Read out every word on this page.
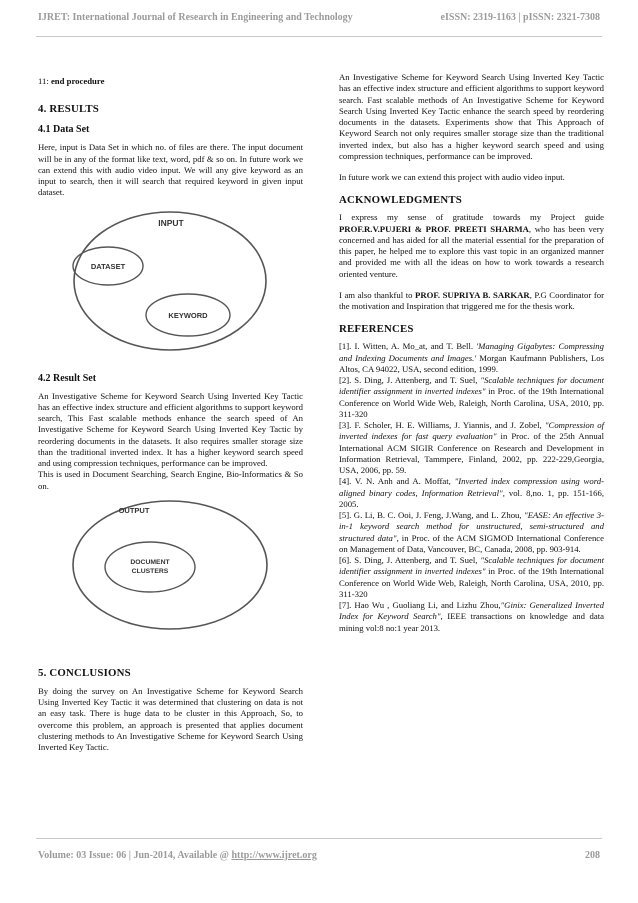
IJRET: International Journal of Research in Engineering and Technology	eISSN: 2319-1163 | pISSN: 2321-7308

11: end procedure

4. RESULTS
4.1 Data Set

Here, input is Data Set in which no. of files are there. The input document will be in any of the format like text, word, pdf & so on. In future work we can extend this with audio video input. We will any give keyword as an input to search, then it will search that required keyword in given input dataset.

INPUT
DATASET
KEYWORD
4.2 Result Set

An Investigative Scheme for Keyword Search Using Inverted Key Tactic has an effective index structure and efficient algorithms to support keyword search, This Fast scalable methods enhance the search speed of An Investigative Scheme for Keyword Search Using Inverted Key Tactic by reordering documents in the datasets. It also requires smaller storage size than the traditional inverted index. It has a higher keyword search speed and using compression techniques, performance can be improved.

This is used in Document Searching, Search Engine, Bio-Informatics & So on.

OUTPUT
DOCUMENT
CLUSTERS
5. CONCLUSIONS

By doing the survey on An Investigative Scheme for Keyword Search Using Inverted Key Tactic it was determined that clustering on data is not an easy task. There is huge data to be cluster in this Approach, So, to overcome this problem, an approach is presented that applies document clustering methods to An Investigative Scheme for Keyword Search Using Inverted Key Tactic.

An Investigative Scheme for Keyword Search Using Inverted Key Tactic has an effective index structure and efficient algorithms to support keyword search. Fast scalable methods of An Investigative Scheme for Keyword Search Using Inverted Key Tactic enhance the search speed by reordering documents in the datasets. Experiments show that This Approach of Keyword Search not only requires smaller storage size than the traditional inverted index, but also has a higher keyword search speed and using compression techniques, performance can be improved.

In future work we can extend this project with audio video input.

ACKNOWLEDGMENTS

I express my sense of gratitude towards my Project guide PROF.R.V.PUJERI & PROF. PREETI SHARMA, who has been very concerned and has aided for all the material essential for the preparation of this paper, he helped me to explore this vast topic in an organized manner and provided me with all the ideas on how to work towards a research oriented venture.

I am also thankful to PROF. SUPRIYA B. SARKAR, P.G Coordinator for the motivation and Inspiration that triggered me for the thesis work.

REFERENCES

[1]. I. Witten, A. Mo_at, and T. Bell. 'Managing Gigabytes: Compressing and Indexing Documents and Images.' Morgan Kaufmann Publishers, Los Altos, CA 94022, USA, second edition, 1999.

[2]. S. Ding, J. Attenberg, and T. Suel, "Scalable techniques for document identifier assignment in inverted indexes" in Proc. of the 19th International Conference on World Wide Web, Raleigh, North Carolina, USA, 2010, pp. 311-320

[3]. F. Scholer, H. E. Williams, J. Yiannis, and J. Zobel, "Compression of inverted indexes for fast query evaluation" in Proc. of the 25th Annual International ACM SIGIR Conference on Research and Development in Information Retrieval, Tammpere, Finland, 2002, pp. 222-229,Georgia, USA, 2006, pp. 59.

[4]. V. N. Anh and A. Moffat, "Inverted index compression using word-aligned binary codes, Information Retrieval", vol. 8,no. 1, pp. 151-166, 2005.

[5]. G. Li, B. C. Ooi, J. Feng, J.Wang, and L. Zhou, "EASE: An effective 3-in-1 keyword search method for unstructured, semi-structured and structured data", in Proc. of the ACM SIGMOD International Conference on Management of Data, Vancouver, BC, Canada, 2008, pp. 903-914.

[6]. S. Ding, J. Attenberg, and T. Suel, "Scalable techniques for document identifier assignment in inverted indexes" in Proc. of the 19th International Conference on World Wide Web, Raleigh, North Carolina, USA, 2010, pp. 311-320

[7]. Hao Wu , Guoliang Li, and Lizhu Zhou,"Ginix: Generalized Inverted Index for Keyword Search", IEEE transactions on knowledge and data mining vol:8 no:1 year 2013.

Volume: 03 Issue: 06 | Jun-2014, Available @ http://www.ijret.org	208
